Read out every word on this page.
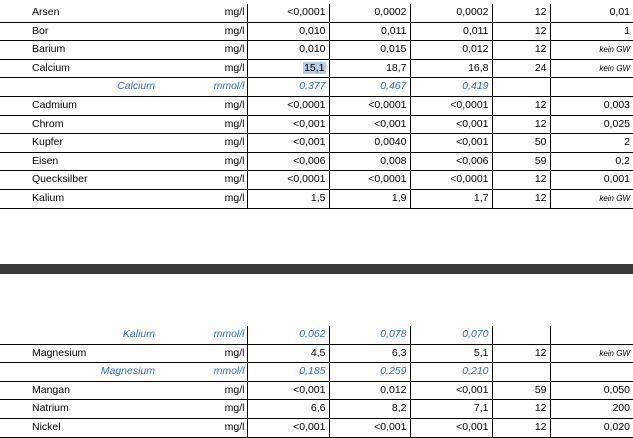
Arsen	mg/l	<0,0001	0,0002	0,0002	12	0,01
Bor	mg/l	0,010	0,011	0,011	12	1
Barium	mg/l	0,010	0,015	0,012	12	kein GW
Calcium	mg/l	15,1	18,7	16,8	24	kein GW
Calcium	mmol/l	0,377	0,467	0,419		
Cadmium	mg/l	<0,0001	<0,0001	<0,0001	12	0,003
Chrom	mg/l	<0,001	<0,001	<0,001	12	0,025
Kupfer	mg/l	<0,001	0,0040	<0,001	50	2
Eisen	mg/l	<0,006	0,008	<0,006	59	0,2
Quecksilber	mg/l	<0,0001	<0,0001	<0,0001	12	0,001
Kalium	mg/l	1,5	1,9	1,7	12	kein GW
Kalium	mmol/l	0,062	0,078	0,070		
Magnesium	mg/l	4,5	6,3	5,1	12	kein GW
Magnesium	mmol/l	0,185	0,259	0,210		
Mangan	mg/l	<0,001	0,012	<0,001	59	0,050
Natrium	mg/l	6,6	8,2	7,1	12	200
Nickel	mg/l	<0,001	<0,001	<0,001	12	0,020
